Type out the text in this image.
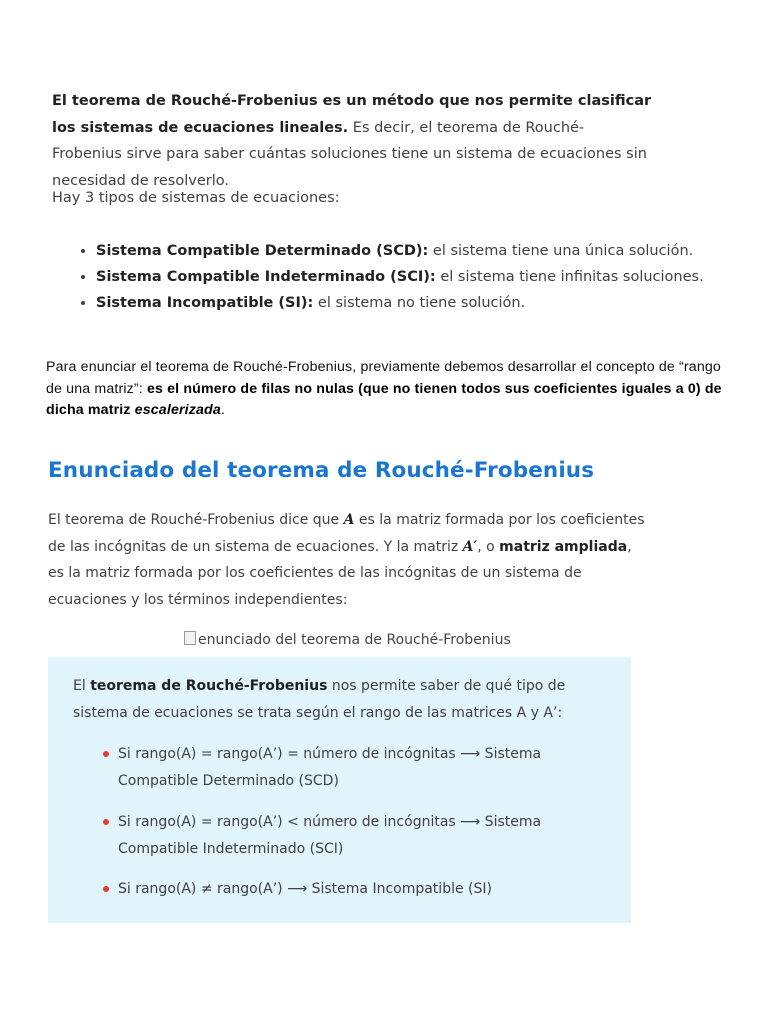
El teorema de Rouché-Frobenius es un método que nos permite clasificar los sistemas de ecuaciones lineales. Es decir, el teorema de Rouché-Frobenius sirve para saber cuántas soluciones tiene un sistema de ecuaciones sin necesidad de resolverlo.
Hay 3 tipos de sistemas de ecuaciones:
• Sistema Compatible Determinado (SCD): el sistema tiene una única solución.
• Sistema Compatible Indeterminado (SCI): el sistema tiene infinitas soluciones.
• Sistema Incompatible (SI): el sistema no tiene solución.
Para enunciar el teorema de Rouché-Frobenius, previamente debemos desarrollar el concepto de “rango de una matriz”: es el número de filas no nulas (que no tienen todos sus coeficientes iguales a 0) de dicha matriz escalerizada.
Enunciado del teorema de Rouché-Frobenius
El teorema de Rouché-Frobenius dice que A es la matriz formada por los coeficientes de las incógnitas de un sistema de ecuaciones. Y la matriz A′, o matriz ampliada, es la matriz formada por los coeficientes de las incógnitas de un sistema de ecuaciones y los términos independientes:
enunciado del teorema de Rouché-Frobenius
El teorema de Rouché-Frobenius nos permite saber de qué tipo de sistema de ecuaciones se trata según el rango de las matrices A y A’:
Si rango(A) = rango(A’) = número de incógnitas ⟶ Sistema Compatible Determinado (SCD)
Si rango(A) = rango(A’) < número de incógnitas ⟶ Sistema Compatible Indeterminado (SCI)
Si rango(A) ≠ rango(A’) ⟶ Sistema Incompatible (SI)
